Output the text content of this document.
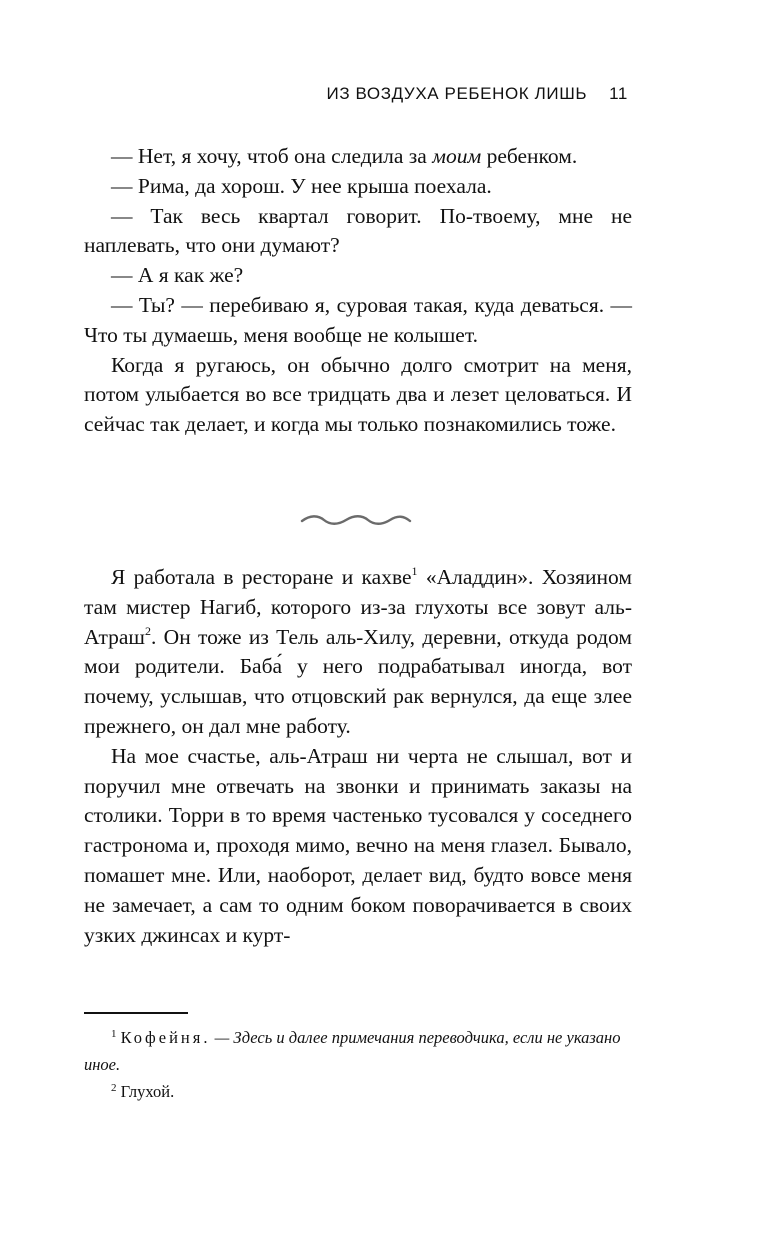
ИЗ ВОЗДУХА РЕБЕНОК ЛИШЬ 11

— Нет, я хочу, чтоб она следила за моим ребенком.

— Рима, да хорош. У нее крыша поехала.

— Так весь квартал говорит. По-твоему, мне не наплевать, что они думают?

— А я как же?

— Ты? — перебиваю я, суровая такая, куда деваться. — Что ты думаешь, меня вообще не колышет.

Когда я ругаюсь, он обычно долго смотрит на меня, потом улыбается во все тридцать два и лезет целоваться. И сейчас так делает, и когда мы только познакомились тоже.

Я работала в ресторане и кахве$^1$ «Аладдин». Хозяином там мистер Нагиб, которого из-за глухоты все зовут аль-Атраш$^2$. Он тоже из Тель аль-Хилу, деревни, откуда родом мои родители. Баба́ у него подрабатывал иногда, вот почему, услышав, что отцовский рак вернулся, да еще злее прежнего, он дал мне работу.

На мое счастье, аль-Атраш ни черта не слышал, вот и поручил мне отвечать на звонки и принимать заказы на столики. Торри в то время частенько тусовался у соседнего гастронома и, проходя мимо, вечно на меня глазел. Бывало, помашет мне. Или, наоборот, делает вид, будто вовсе меня не замечает, а сам то одним боком поворачивается в своих узких джинсах и курт-

$^1$ Кофейня. — Здесь и далее примечания переводчика, если не указано иное.

$^2$ Глухой.
